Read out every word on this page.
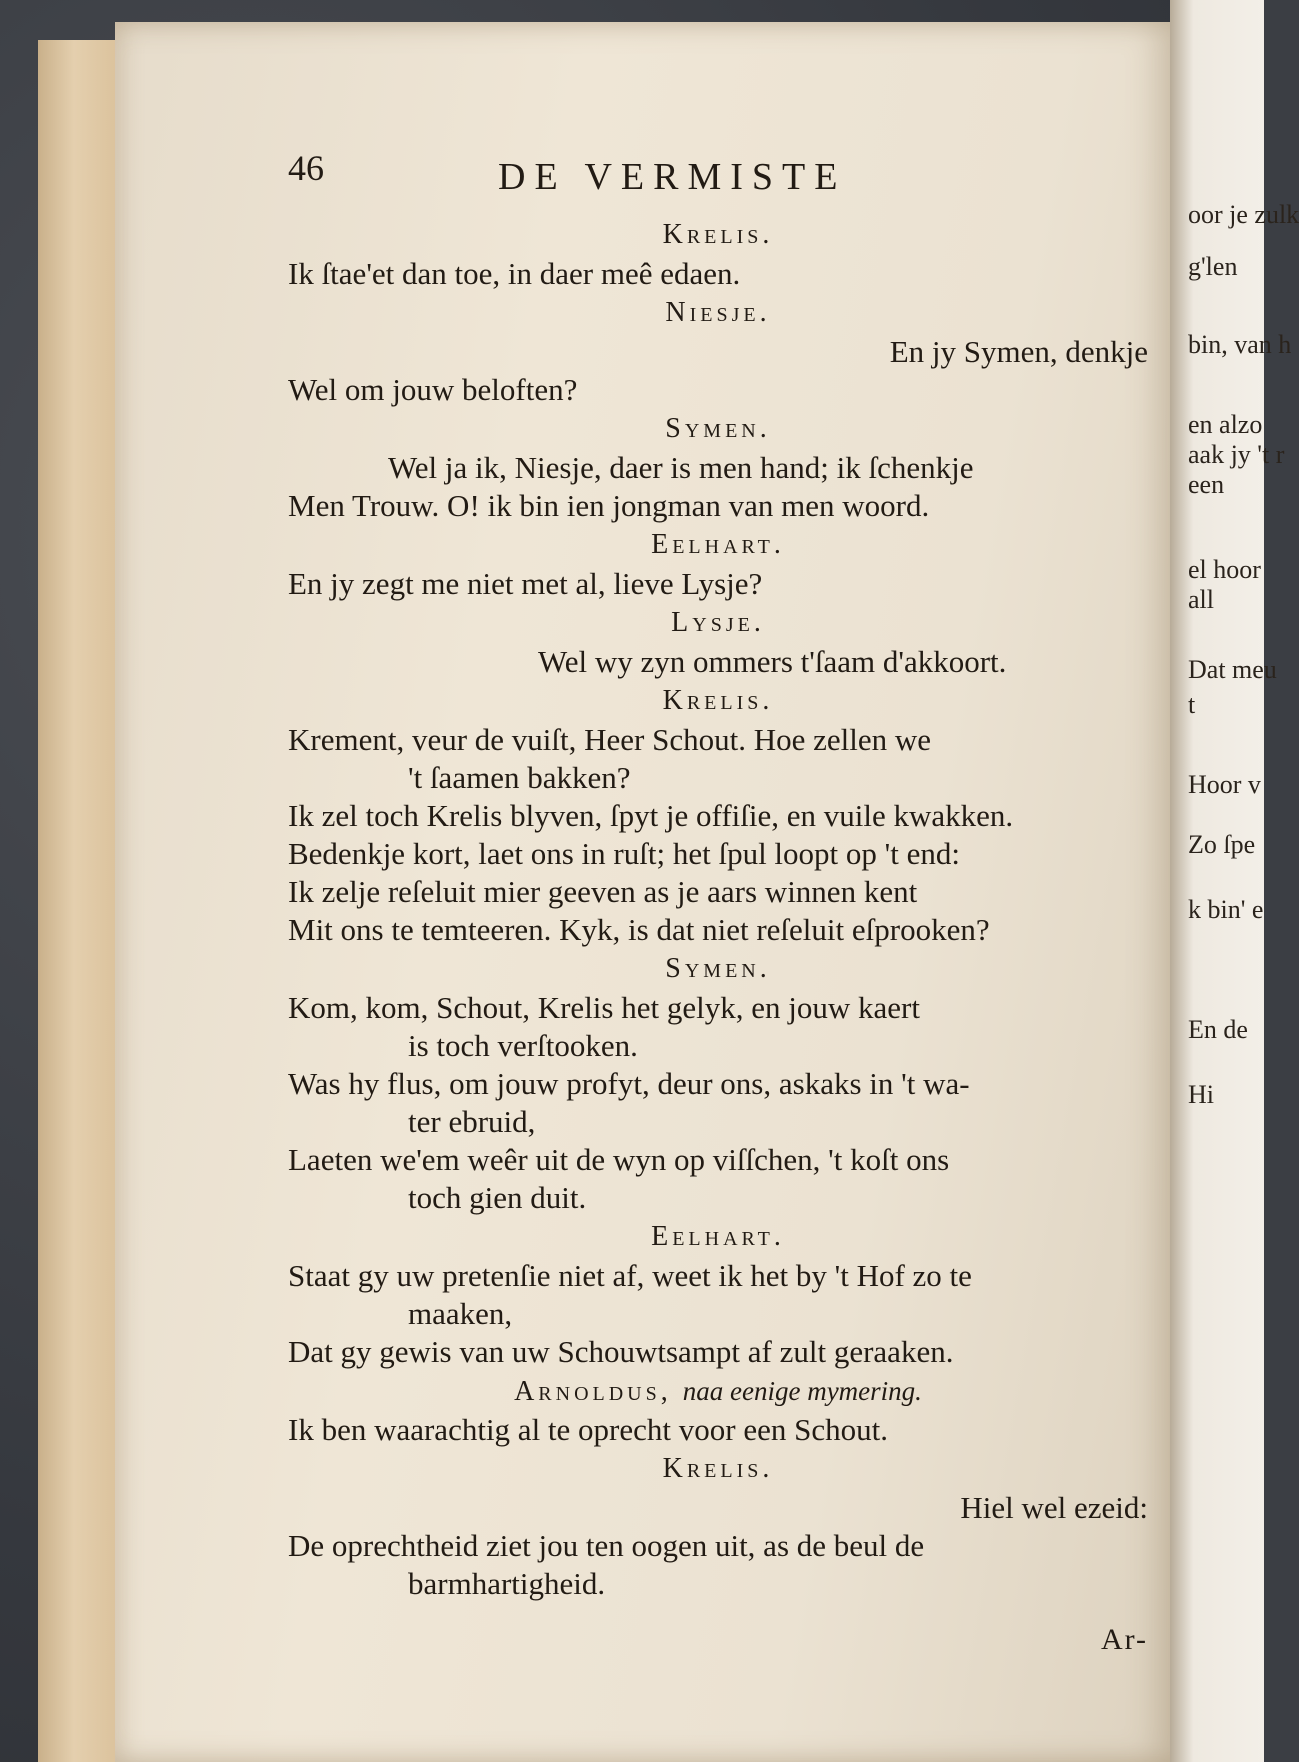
oor je zulk
g'len
bin, van h
en alzo
aak jy 't r
een
el hoor
all
Dat meu
t
Hoor v
Zo ſpe
k bin' e
En de
Hi
46	DE VERMISTE
Krelis.
Ik ſtae'et dan toe, in daer meê edaen.
Niesje.
En jy Symen, denkje
Wel om jouw beloften?
Symen.
Wel ja ik, Niesje, daer is men hand; ik ſchenkje
Men Trouw. O! ik bin ien jongman van men woord.
Eelhart.
En jy zegt me niet met al, lieve Lysje?
Lysje.
Wel wy zyn ommers t'ſaam d'akkoort.
Krelis.
Krement, veur de vuiſt, Heer Schout. Hoe zellen we
't ſaamen bakken?
Ik zel toch Krelis blyven, ſpyt je offiſie, en vuile kwakken.
Bedenkje kort, laet ons in ruſt; het ſpul loopt op 't end:
Ik zelje reſeluit mier geeven as je aars winnen kent
Mit ons te temteeren. Kyk, is dat niet reſeluit eſprooken?
Symen.
Kom, kom, Schout, Krelis het gelyk, en jouw kaert
is toch verſtooken.
Was hy flus, om jouw profyt, deur ons, askaks in 't wa-
ter ebruid,
Laeten we'em weêr uit de wyn op viſſchen, 't koſt ons
toch gien duit.
Eelhart.
Staat gy uw pretenſie niet af, weet ik het by 't Hof zo te
maaken,
Dat gy gewis van uw Schouwtsampt af zult geraaken.
Arnoldus, naa eenige mymering.
Ik ben waarachtig al te oprecht voor een Schout.
Krelis.
Hiel wel ezeid:
De oprechtheid ziet jou ten oogen uit, as de beul de
barmhartigheid.
Ar-
